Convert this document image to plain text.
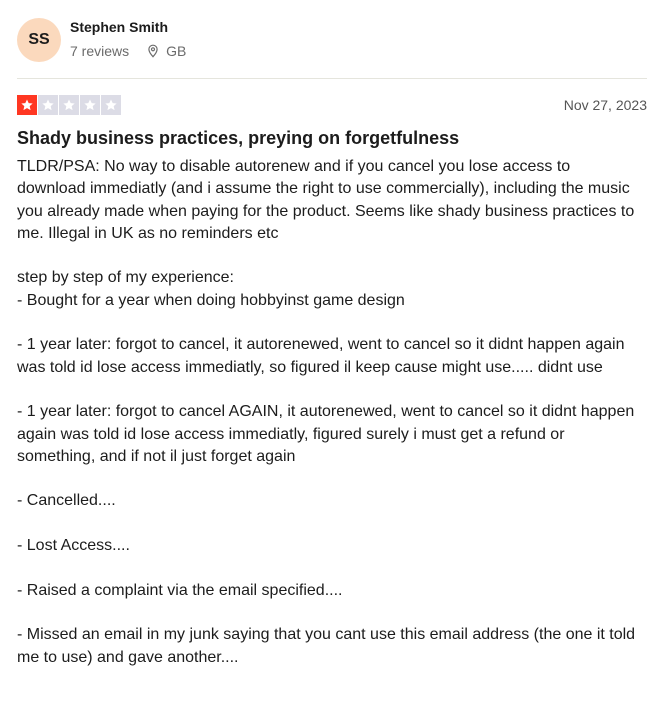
SS
Stephen Smith
7 reviews	GB
Nov 27, 2023
Shady business practices, preying on forgetfulness
TLDR/PSA: No way to disable autorenew and if you cancel you lose access to download immediatly (and i assume the right to use commercially), including the music you already made when paying for the product. Seems like shady business practices to me. Illegal in UK as no reminders etc

step by step of my experience:
- Bought for a year when doing hobbyinst game design

- 1 year later: forgot to cancel, it autorenewed, went to cancel so it didnt happen again was told id lose access immediatly, so figured il keep cause might use..... didnt use

- 1 year later: forgot to cancel AGAIN, it autorenewed, went to cancel so it didnt happen again was told id lose access immediatly, figured surely i must get a refund or something, and if not il just forget again

- Cancelled....

- Lost Access....

- Raised a complaint via the email specified....

- Missed an email in my junk saying that you cant use this email address (the one it told me to use) and gave another....
